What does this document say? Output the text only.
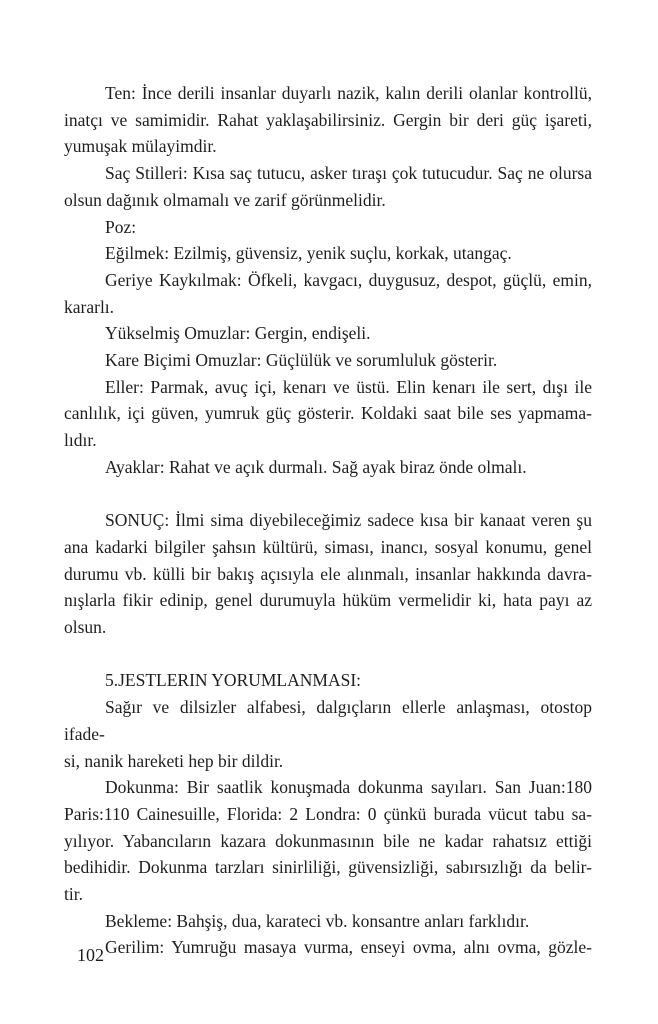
Ten: İnce derili insanlar duyarlı nazik, kalın derili olanlar kontrollü,
inatçı ve samimidir. Rahat yaklaşabilirsiniz. Gergin bir deri güç işareti,
yumuşak mülayimdir.
Saç Stilleri: Kısa saç tutucu, asker tıraşı çok tutucudur. Saç ne olursa
olsun dağınık olmamalı ve zarif görünmelidir.
Poz:
Eğilmek: Ezilmiş, güvensiz, yenik suçlu, korkak, utangaç.
Geriye Kaykılmak: Öfkeli, kavgacı, duygusuz, despot, güçlü, emin,
kararlı.
Yükselmiş Omuzlar: Gergin, endişeli.
Kare Biçimi Omuzlar: Güçlülük ve sorumluluk gösterir.
Eller: Parmak, avuç içi, kenarı ve üstü. Elin kenarı ile sert, dışı ile
canlılık, içi güven, yumruk güç gösterir. Koldaki saat bile ses yapmama-
lıdır.
Ayaklar: Rahat ve açık durmalı. Sağ ayak biraz önde olmalı.
SONUÇ: İlmi sima diyebileceğimiz sadece kısa bir kanaat veren şu
ana kadarki bilgiler şahsın kültürü, siması, inancı, sosyal konumu, genel
durumu vb. külli bir bakış açısıyla ele alınmalı, insanlar hakkında davra-
nışlarla fikir edinip, genel durumuyla hüküm vermelidir ki, hata payı az
olsun.
5.JESTLERIN YORUMLANMASI:
Sağır ve dilsizler alfabesi, dalgıçların ellerle anlaşması, otostop ifade-
si, nanik hareketi hep bir dildir.
Dokunma: Bir saatlik konuşmada dokunma sayıları. San Juan:180
Paris:110 Cainesuille, Florida: 2 Londra: 0 çünkü burada vücut tabu sa-
yılıyor. Yabancıların kazara dokunmasının bile ne kadar rahatsız ettiği
bedihidir. Dokunma tarzları sinirliliği, güvensizliği, sabırsızlığı da belir-
tir.
Bekleme: Bahşiş, dua, karateci vb. konsantre anları farklıdır.
Gerilim: Yumruğu masaya vurma, enseyi ovma, alnı ovma, gözle-
102
